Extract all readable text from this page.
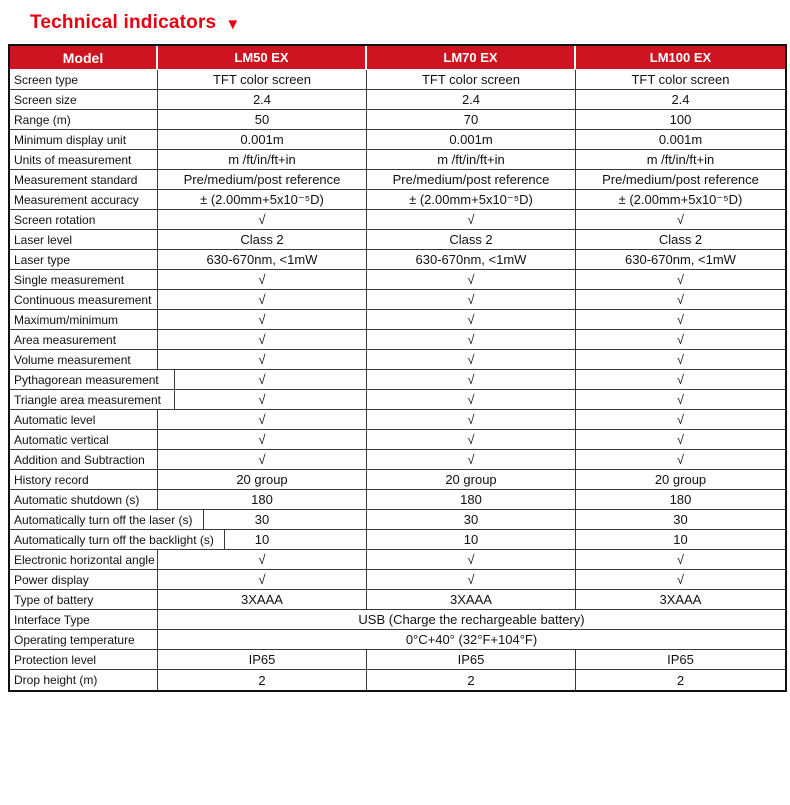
Technical indicators ▼
Model	LM50 EX	LM70 EX	LM100 EX
Screen type	TFT color screen	TFT color screen	TFT color screen
Screen size	2.4	2.4	2.4
Range (m)	50	70	100
Minimum display unit	0.001m	0.001m	0.001m
Units of measurement	m /ft/in/ft+in	m /ft/in/ft+in	m /ft/in/ft+in
Measurement standard	Pre/medium/post reference	Pre/medium/post reference	Pre/medium/post reference
Measurement accuracy	± (2.00mm+5x10⁻⁵D)	± (2.00mm+5x10⁻⁵D)	± (2.00mm+5x10⁻⁵D)
Screen rotation	√	√	√
Laser level	Class 2	Class 2	Class 2
Laser type	630-670nm, <1mW	630-670nm, <1mW	630-670nm, <1mW
Single measurement	√	√	√
Continuous measurement	√	√	√
Maximum/minimum	√	√	√
Area measurement	√	√	√
Volume measurement	√	√	√

Pythagorean measurement	√	√	√

Triangle area measurement	√	√	√
Automatic level	√	√	√
Automatic vertical	√	√	√
Addition and Subtraction	√	√	√
History record	20 group	20 group	20 group
Automatic shutdown (s)	180	180	180

Automatically turn off the laser (s)	30	30	30

Automatically turn off the backlight (s)	10	10	10
Electronic horizontal angle	√	√	√
Power display	√	√	√
Type of battery	3XAAA	3XAAA	3XAAA
Interface Type	USB (Charge the rechargeable battery)		
Operating temperature	0°C+40° (32°F+104°F)		
Protection level	IP65	IP65	IP65
Drop height (m)	2	2	2
